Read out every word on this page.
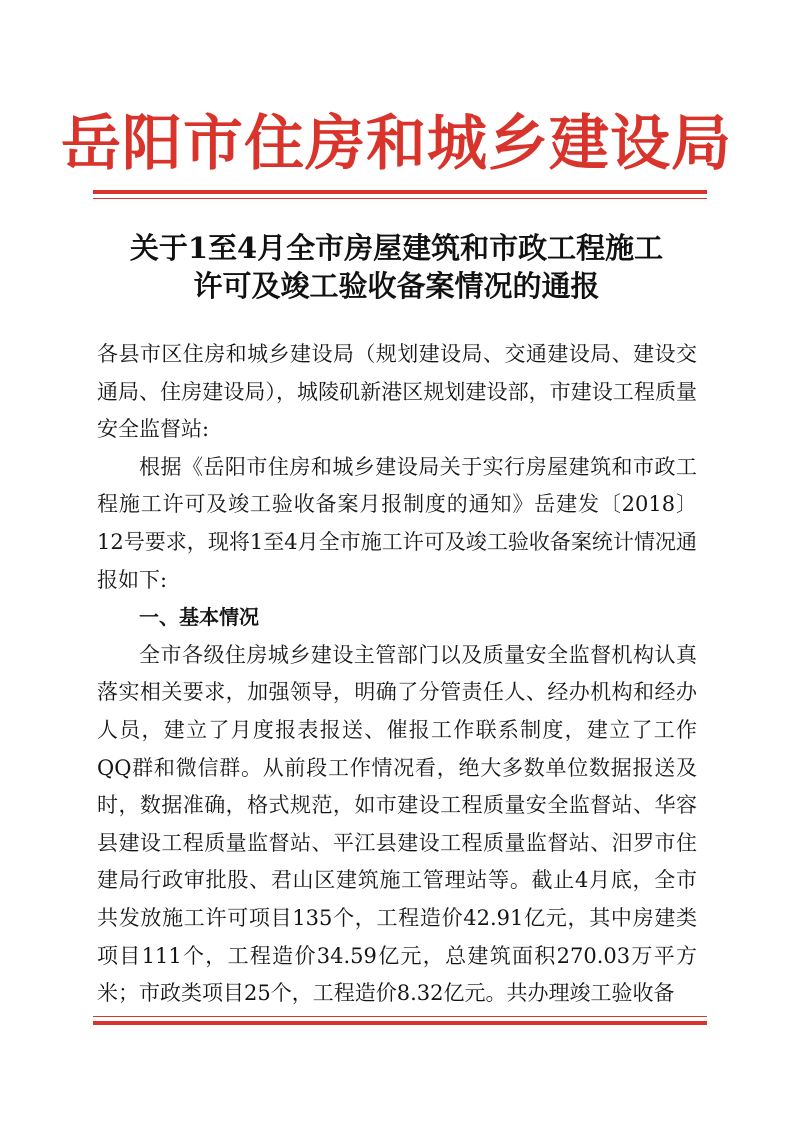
岳阳市住房和城乡建设局
关于1至4月全市房屋建筑和市政工程施工
许可及竣工验收备案情况的通报

各县市区住房和城乡建设局（规划建设局、交通建设局、建设交通局、住房建设局），城陵矶新港区规划建设部，市建设工程质量安全监督站:

根据《岳阳市住房和城乡建设局关于实行房屋建筑和市政工程施工许可及竣工验收备案月报制度的通知》岳建发〔2018〕12号要求，现将1至4月全市施工许可及竣工验收备案统计情况通报如下:

一、基本情况

全市各级住房城乡建设主管部门以及质量安全监督机构认真落实相关要求，加强领导，明确了分管责任人、经办机构和经办人员，建立了月度报表报送、催报工作联系制度，建立了工作QQ群和微信群。从前段工作情况看，绝大多数单位数据报送及时，数据准确，格式规范，如市建设工程质量安全监督站、华容县建设工程质量监督站、平江县建设工程质量监督站、汨罗市住建局行政审批股、君山区建筑施工管理站等。截止4月底，全市共发放施工许可项目135个，工程造价42.91亿元，其中房建类项目111个，工程造价34.59亿元，总建筑面积270.03万平方米；市政类项目25个，工程造价8.32亿元。共办理竣工验收备
